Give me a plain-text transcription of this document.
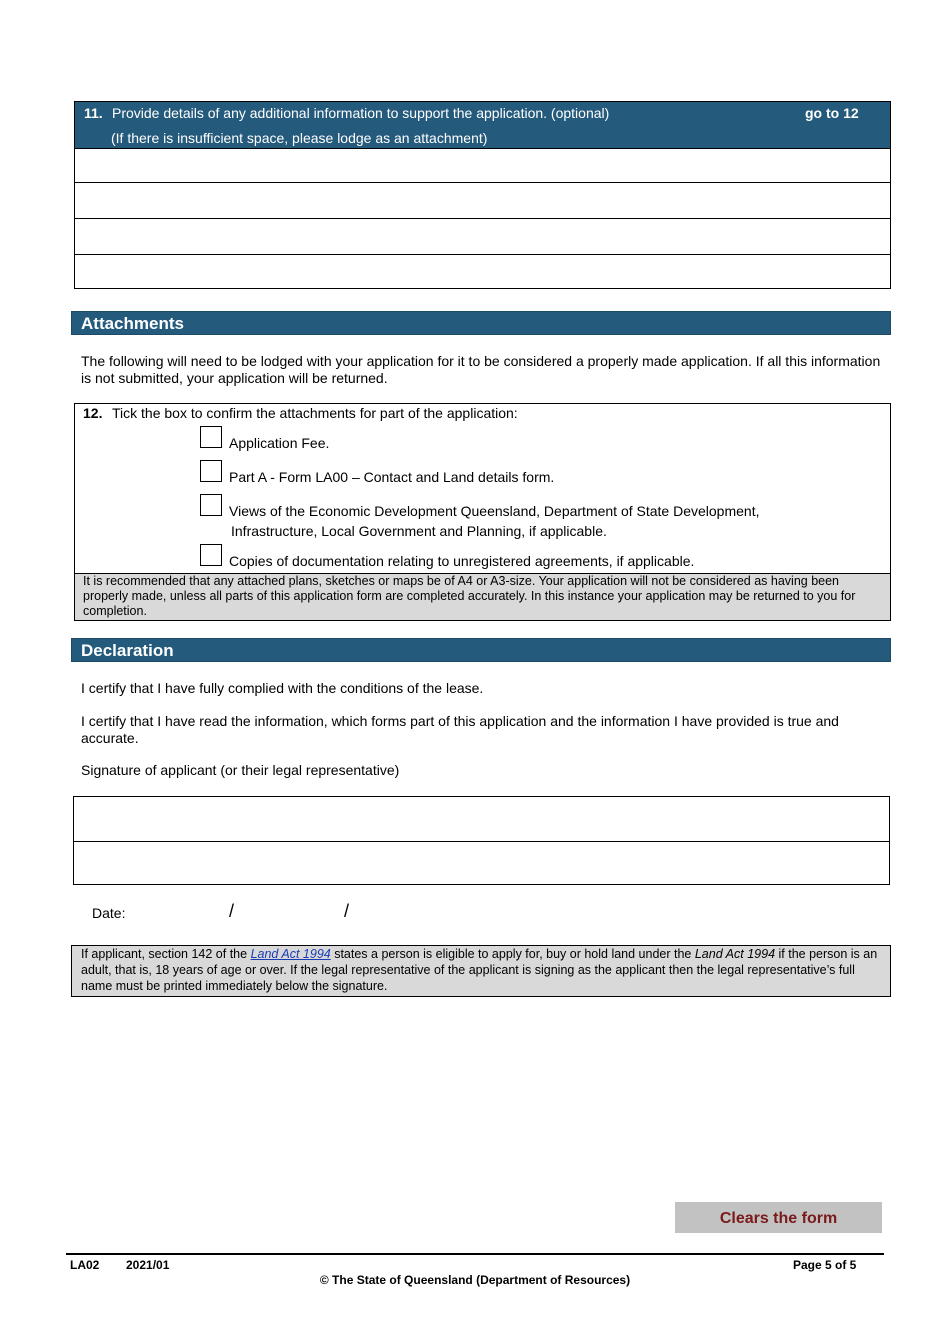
11. Provide details of any additional information to support the application. (optional)
(If there is insufficient space, please lodge as an attachment)
go to 12
Attachments
The following will need to be lodged with your application for it to be considered a properly made application. If all this information is not submitted, your application will be returned.
12. Tick the box to confirm the attachments for part of the application:
Application Fee.
Part A - Form LA00 – Contact and Land details form.
Views of the Economic Development Queensland, Department of State Development,
Infrastructure, Local Government and Planning, if applicable.
Copies of documentation relating to unregistered agreements, if applicable.
It is recommended that any attached plans, sketches or maps be of A4 or A3-size. Your application will not be considered as having been properly made, unless all parts of this application form are completed accurately. In this instance your application may be returned to you for completion.
Declaration
I certify that I have fully complied with the conditions of the lease.
I certify that I have read the information, which forms part of this application and the information I have provided is true and accurate.
Signature of applicant (or their legal representative)
Date:	/	/
If applicant, section 142 of the Land Act 1994 states a person is eligible to apply for, buy or hold land under the Land Act 1994 if the person is an adult, that is, 18 years of age or over. If the legal representative of the applicant is signing as the applicant then the legal representative’s full name must be printed immediately below the signature.
Clears the form
LA02 2021/01	Page 5 of 5
© The State of Queensland (Department of Resources)
